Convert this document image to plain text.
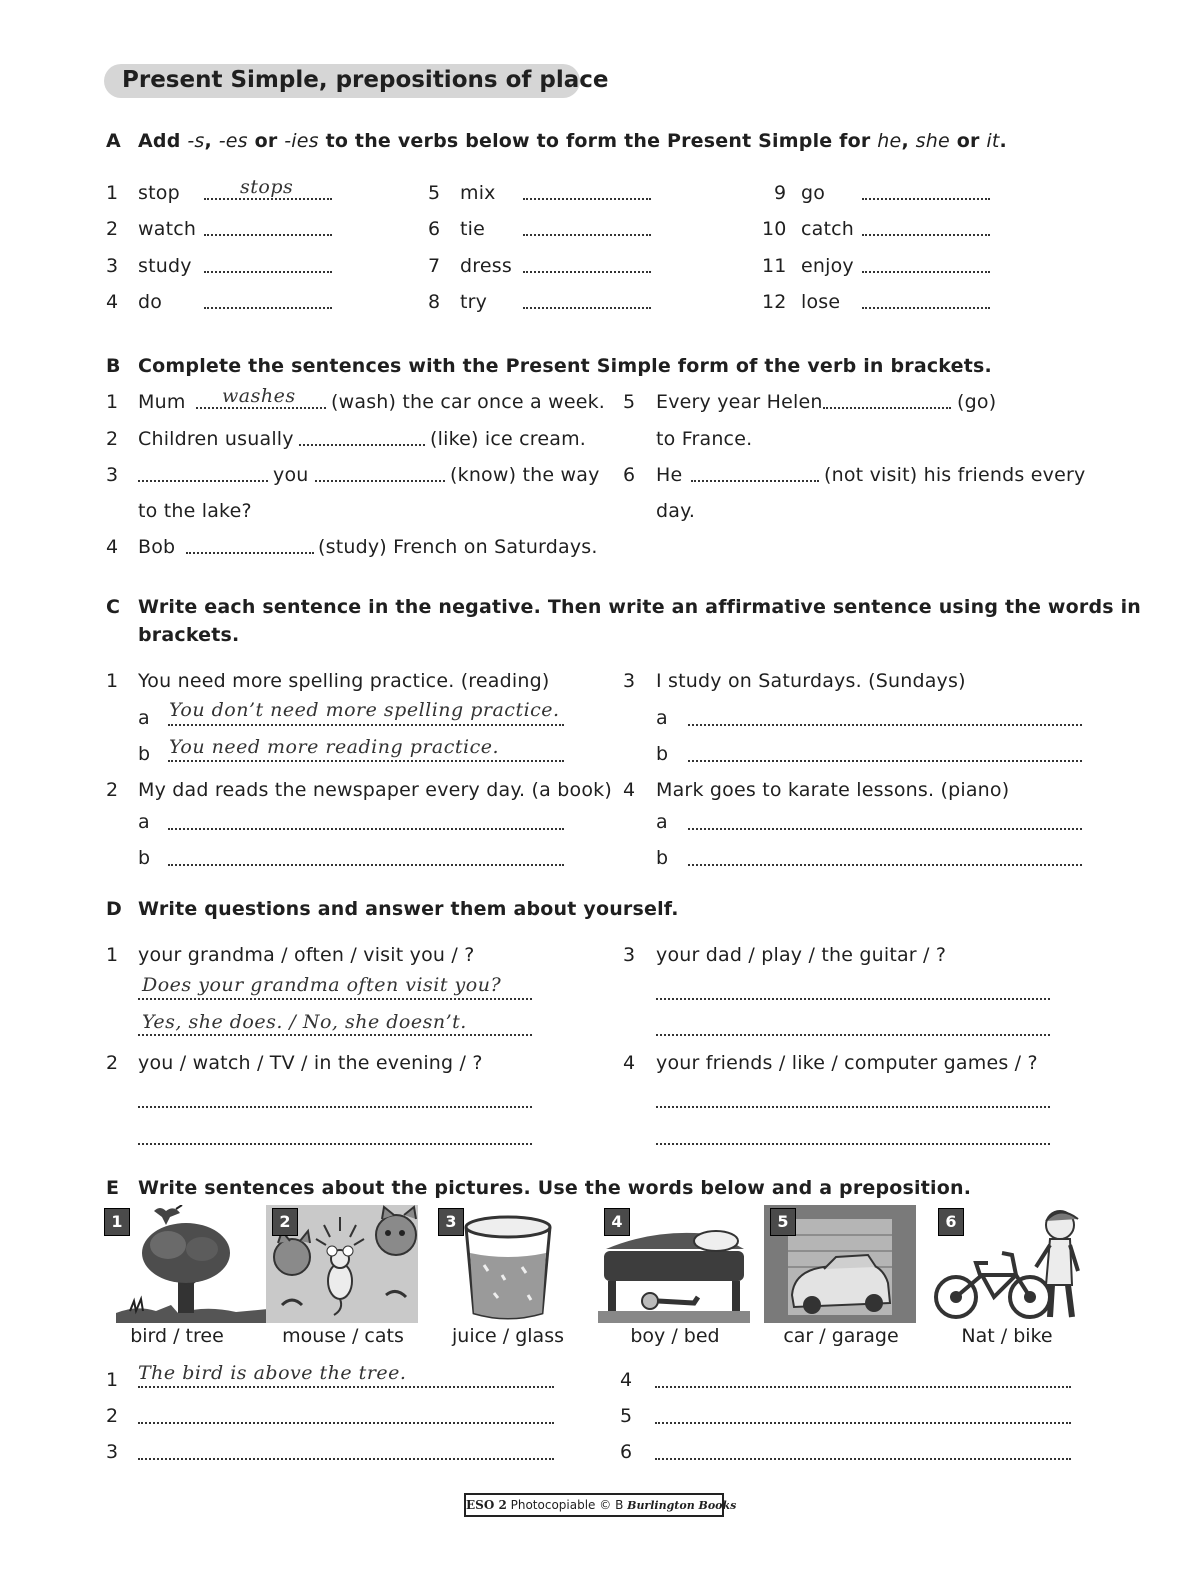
Present Simple, prepositions of place
A Add -s, -es or -ies to the verbs below to form the Present Simple for he, she or it.
1 stop	stops
2 watch
3 study
4 do
5 mix
6 tie
7 dress
8 try
9 go
10 catch
11 enjoy
12 lose
B Complete the sentences with the Present Simple form of the verb in brackets.
1 Mum washes (wash) the car once a week.
2 Children usually	(like) ice cream.
3	you	(know) the way
to the lake?
4 Bob	(study) French on Saturdays.
5 Every year Helen	(go)
to France.
6 He	(not visit) his friends every
day.
C Write each sentence in the negative. Then write an affirmative sentence using the words in
brackets.
1 You need more spelling practice. (reading)
a You don’t need more spelling practice.
b You need more reading practice.
2 My dad reads the newspaper every day. (a book)
a
b
3 I study on Saturdays. (Sundays)
a
b
4 Mark goes to karate lessons. (piano)
a
b
D Write questions and answer them about yourself.
1 your grandma / often / visit you / ?
Does your grandma often visit you?
Yes, she does. / No, she doesn’t.
2 you / watch / TV / in the evening / ?
3 your dad / play / the guitar / ?
4 your friends / like / computer games / ?
E Write sentences about the pictures. Use the words below and a preposition.
1
bird / tree
2
mouse / cats
3
juice / glass
4
boy / bed
5
car / garage
6
Nat / bike
1 The bird is above the tree.
2
3
4
5
6
ESO 2 Photocopiable © B Burlington Books
